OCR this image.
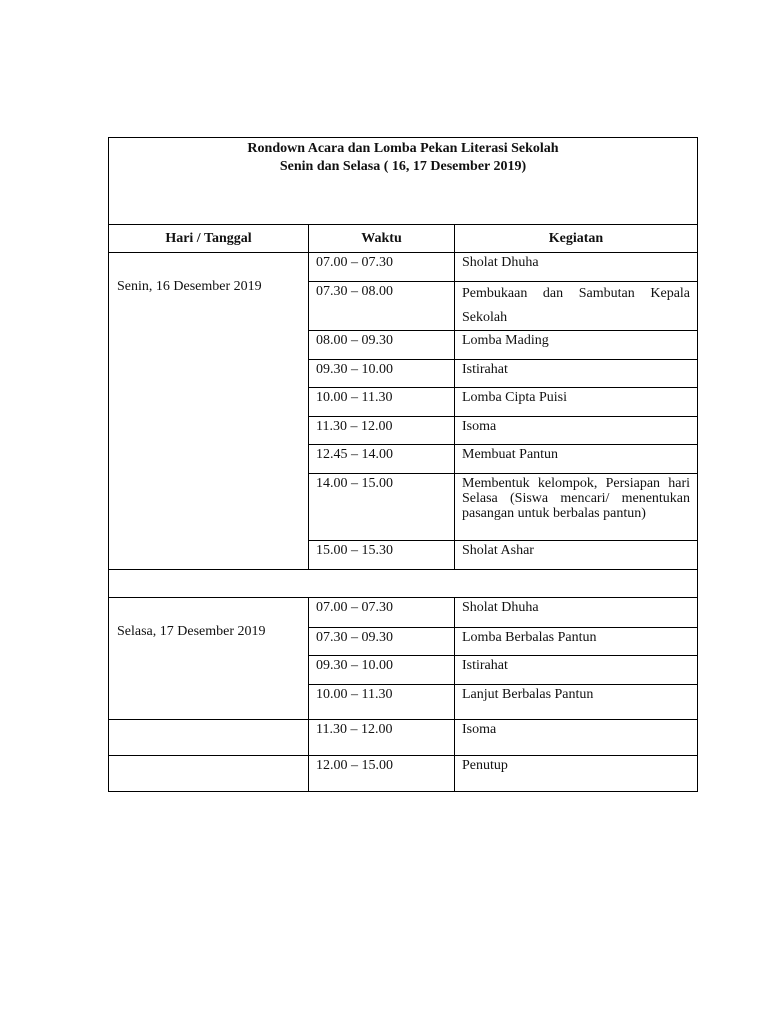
Rondown Acara dan Lomba Pekan Literasi Sekolah
Senin dan Selasa ( 16, 17 Desember 2019)		

Hari / Tanggal	Waktu	Kegiatan
Senin, 16 Desember 2019	07.00 – 07.30	Sholat Dhuha
	07.30 – 08.00	Pembukaan dan Sambutan Kepala Sekolah
	08.00 – 09.30	Lomba Mading
	09.30 – 10.00	Istirahat
	10.00 – 11.30	Lomba Cipta Puisi
	11.30 – 12.00	Isoma
	12.45 – 14.00	Membuat Pantun
	14.00 – 15.00	Membentuk kelompok, Persiapan hari Selasa (Siswa mencari/ menentukan pasangan untuk berbalas pantun)
	15.00 – 15.30	Sholat Ashar

Selasa, 17 Desember 2019	07.00 – 07.30	Sholat Dhuha
	07.30 – 09.30	Lomba Berbalas Pantun
	09.30 – 10.00	Istirahat
	10.00 – 11.30	Lanjut Berbalas Pantun
	11.30 – 12.00	Isoma
	12.00 – 15.00	Penutup
